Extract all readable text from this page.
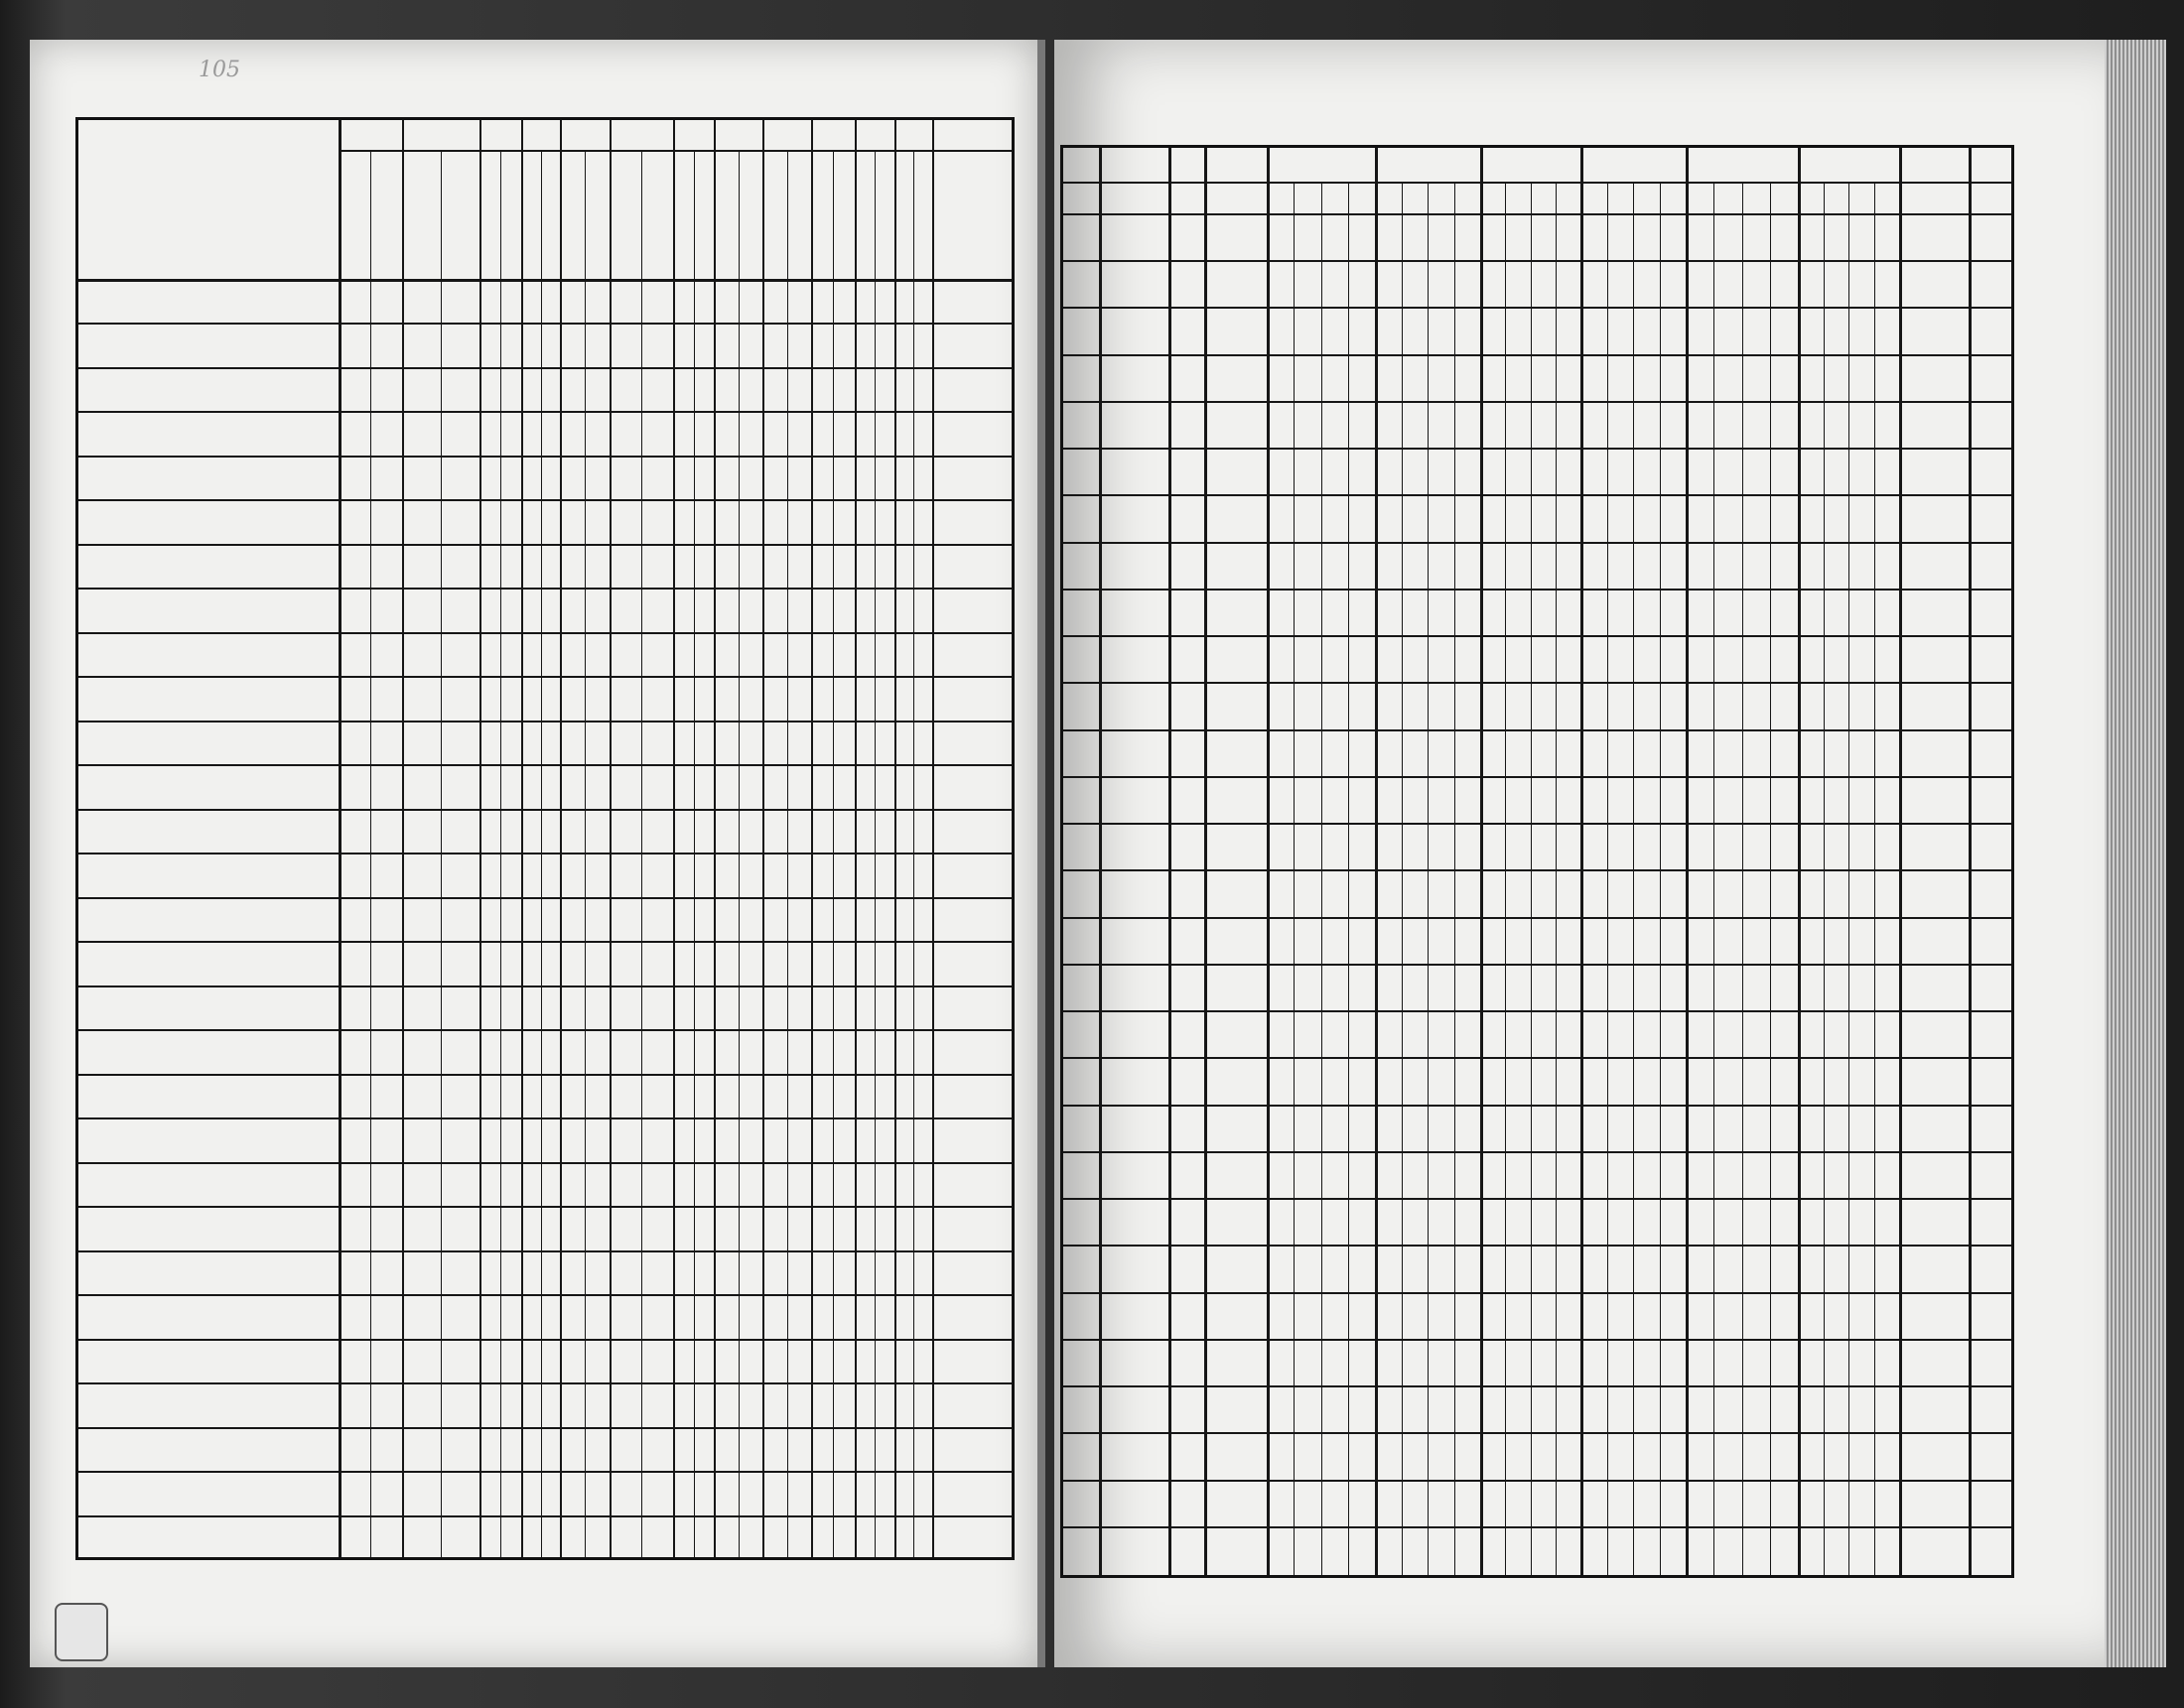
105
